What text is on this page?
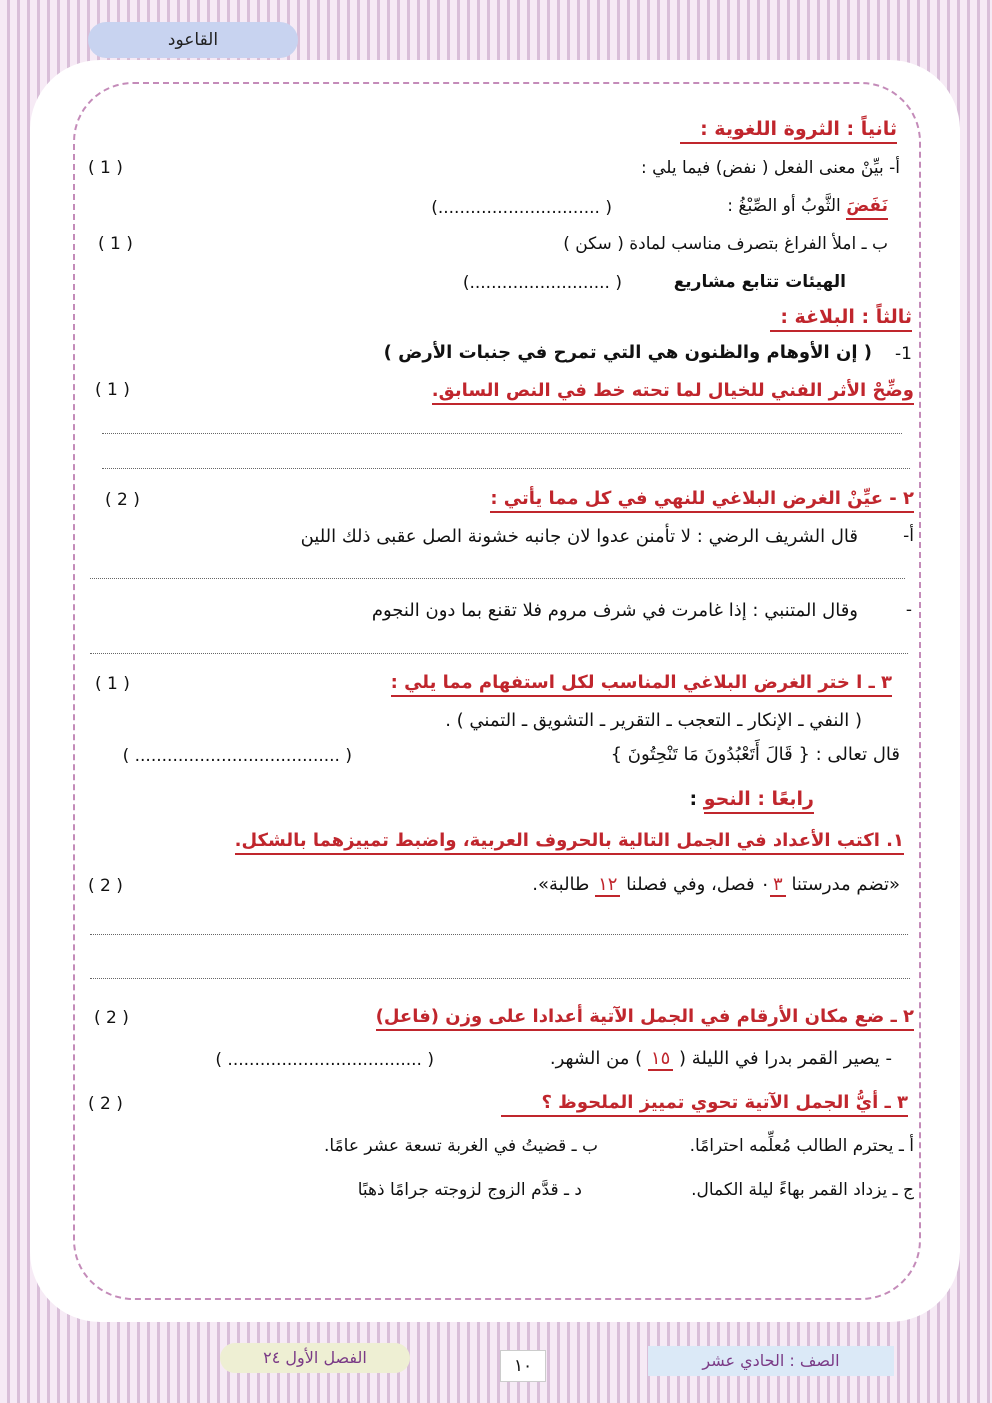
القاعود
ثانياً : الثروة اللغوية :
أ- بيِّنْ معنى الفعل ( نفض) فيما يلي :
( 1 )
نَفَضَ الثَّوبُ أو الصِّبْغُ :
( ..............................)
ب ـ املأ الفراغ بتصرف مناسب لمادة ( سكن )
( 1 )
الهيئات تتابع مشاريع
( ..........................)
ثالثاً : البلاغة :
1-
( إن الأوهام والظنون هي التي تمرح في جنبات الأرض )
وضِّحْ الأثر الفني للخيال لما تحته خط في النص السابق.
( 1 )
٢ - عيِّنْ الغرض البلاغي للنهي في كل مما يأتي :
( 2 )
أ-
قال الشريف الرضي : لا تأمنن عدوا لان جانبه خشونة الصل عقبى ذلك اللين
-
وقال المتنبي : إذا غامرت في شرف مروم فلا تقنع بما دون النجوم
٣ ـ ا ختر الغرض البلاغي المناسب لكل استفهام مما يلي :
( 1 )
( النفي ـ الإنكار ـ التعجب ـ التقرير ـ التشويق ـ التمني ) .
قال تعالى : { قَالَ أَتَعْبُدُونَ مَا تَنْحِتُونَ }
( ...................................... )
رابعًا : النحو :
١. اكتب الأعداد في الجمل التالية بالحروف العربية، واضبط تمييزهما بالشكل.
«تضم مدرستنا ٣٠ فصل، وفي فصلنا ١٢ طالبة».
( 2 )
٢ ـ ضع مكان الأرقام في الجمل الآتية أعدادا على وزن (فاعل)
( 2 )
- يصير القمر بدرا في الليلة ( ١٥ ) من الشهر.
( .................................... )
٣ ـ أيُّ الجمل الآتية تحوي تمييز الملحوظ ؟
( 2 )
أ ـ يحترم الطالب مُعلِّمه احترامًا.
ب ـ قضيتُ في الغربة تسعة عشر عامًا.
ج ـ يزداد القمر بهاءً ليلة الكمال.
د ـ قدَّم الزوج لزوجته جرامًا ذهبًا
الصف : الحادي عشر
١٠
الفصل الأول ٢٤
